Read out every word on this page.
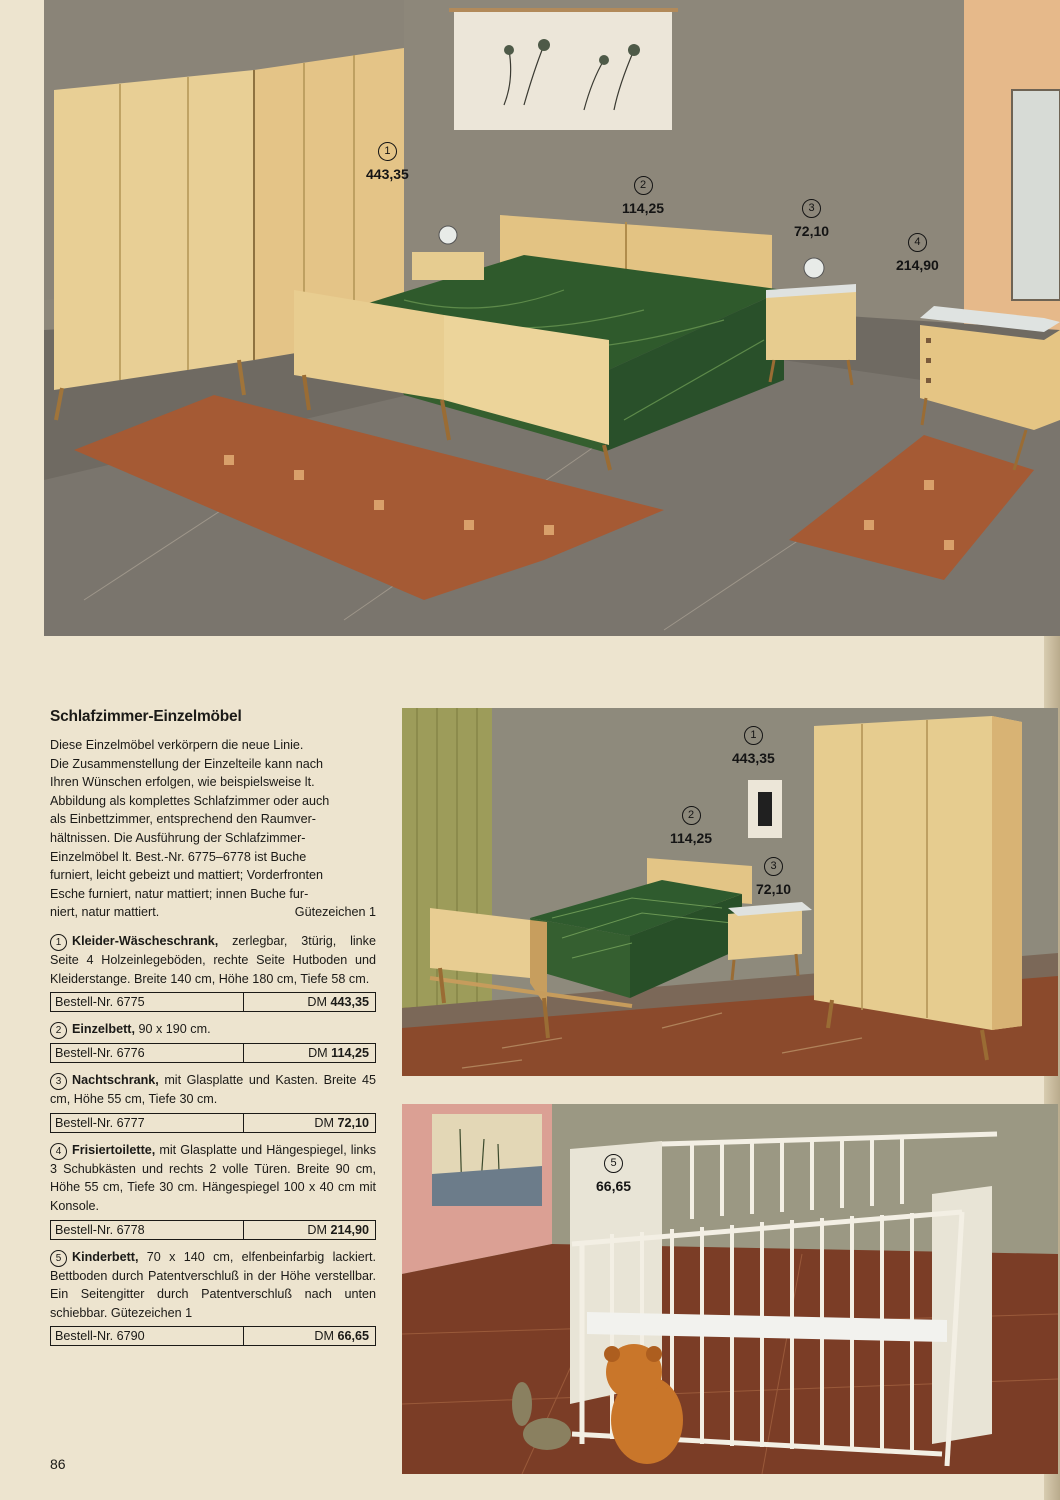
1
443,35
2
114,25	3
72,10
4
214,90
1
443,35
2
114,25
3
72,10
5
66,65
Schlafzimmer-Einzelmöbel
Diese Einzelmöbel verkörpern die neue Linie.
Die Zusammenstellung der Einzelteile kann nach
Ihren Wünschen erfolgen, wie beispielsweise lt.
Abbildung als komplettes Schlafzimmer oder auch
als Einbettzimmer, entsprechend den Raumver-
hältnissen. Die Ausführung der Schlafzimmer-
Einzelmöbel lt. Best.-Nr. 6775–6778 ist Buche
furniert, leicht gebeizt und mattiert; Vorderfronten
Esche furniert, natur mattiert; innen Buche fur-
niert, natur mattiert.	Gütezeichen 1

1 Kleider-Wäscheschrank, zerlegbar, 3türig, linke Seite 4 Holzeinlegeböden, rechte Seite Hutboden und Kleiderstange. Breite 140 cm, Höhe 180 cm, Tiefe 58 cm.

Bestell-Nr. 6775	DM 443,35

2 Einzelbett, 90 x 190 cm.

Bestell-Nr. 6776	DM 114,25

3 Nachtschrank, mit Glasplatte und Kasten. Breite 45 cm, Höhe 55 cm, Tiefe 30 cm.

Bestell-Nr. 6777	DM 72,10

4 Frisiertoilette, mit Glasplatte und Hängespiegel, links 3 Schubkästen und rechts 2 volle Türen. Breite 90 cm, Höhe 55 cm, Tiefe 30 cm. Hängespiegel 100 x 40 cm mit Konsole.

Bestell-Nr. 6778	DM 214,90

5 Kinderbett, 70 x 140 cm, elfenbeinfarbig lackiert. Bettboden durch Patentverschluß in der Höhe verstellbar. Ein Seitengitter durch Patentverschluß nach unten schiebbar. Gütezeichen 1

Bestell-Nr. 6790	DM 66,65
86
